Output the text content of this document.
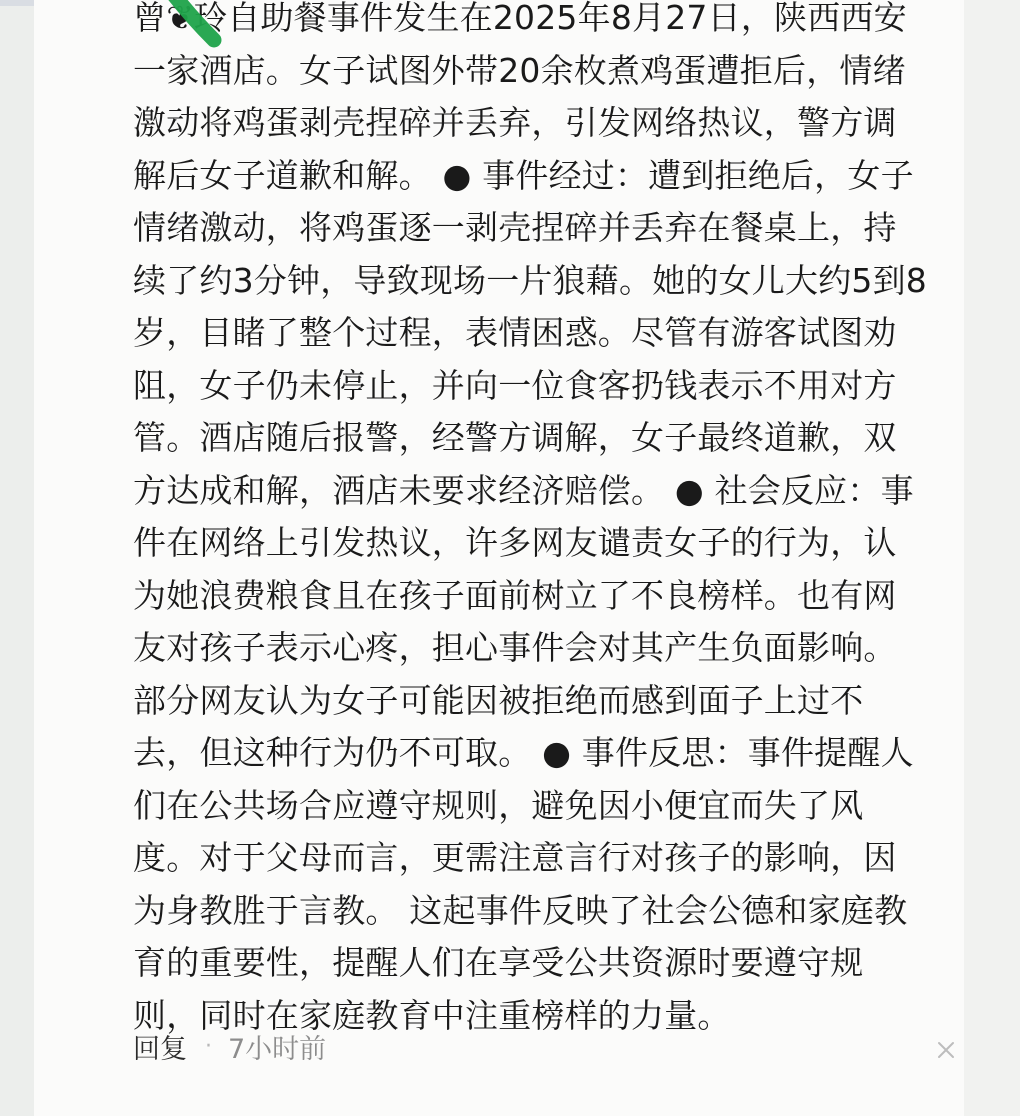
曾❦玲自助餐事件发生在2025年8月27日，陕西西安
一家酒店。女子试图外带20余枚煮鸡蛋遭拒后，情绪
激动将鸡蛋剥壳捏碎并丢弃，引发网络热议，警方调
解后女子道歉和解。 ● 事件经过：遭到拒绝后，女子
情绪激动，将鸡蛋逐一剥壳捏碎并丢弃在餐桌上，持
续了约3分钟，导致现场一片狼藉。她的女儿大约5到8
岁，目睹了整个过程，表情困惑。尽管有游客试图劝
阻，女子仍未停止，并向一位食客扔钱表示不用对方
管。酒店随后报警，经警方调解，女子最终道歉，双
方达成和解，酒店未要求经济赔偿。 ● 社会反应：事
件在网络上引发热议，许多网友谴责女子的行为，认
为她浪费粮食且在孩子面前树立了不良榜样。也有网
友对孩子表示心疼，担心事件会对其产生负面影响。
部分网友认为女子可能因被拒绝而感到面子上过不
去，但这种行为仍不可取。 ● 事件反思：事件提醒人
们在公共场合应遵守规则，避免因小便宜而失了风
度。对于父母而言，更需注意言行对孩子的影响，因
为身教胜于言教。 这起事件反映了社会公德和家庭教
育的重要性，提醒人们在享受公共资源时要遵守规
则，同时在家庭教育中注重榜样的力量。
回复 · 7小时前
